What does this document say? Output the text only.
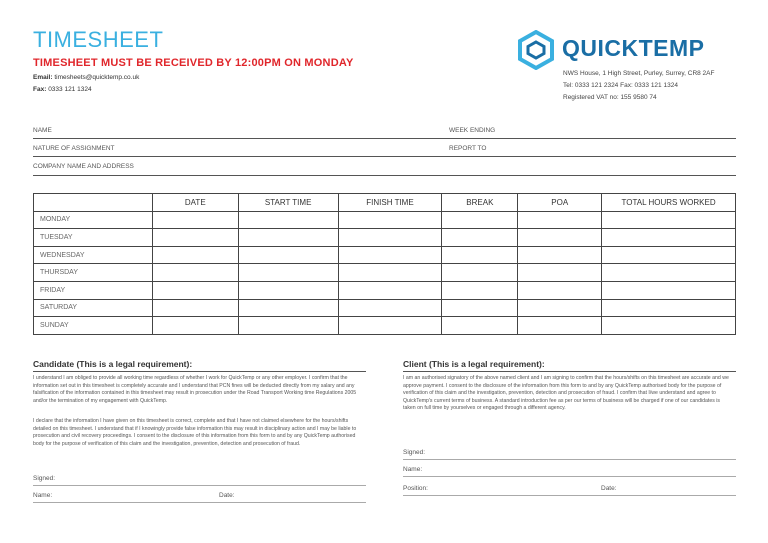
TIMESHEET
TIMESHEET MUST BE RECEIVED BY 12:00PM ON MONDAY
Email: timesheets@quicktemp.co.uk
Fax: 0333 121 1324
QUICKTEMP
NWS House, 1 High Street, Purley, Surrey, CR8 2AF
Tel: 0333 121 2324 Fax: 0333 121 1324
Registered VAT no: 155 9580 74
NAME	WEEK ENDING
NATURE OF ASSIGNMENT	REPORT TO
COMPANY NAME AND ADDRESS
	DATE	START TIME	FINISH TIME	BREAK	POA	TOTAL HOURS WORKED
MONDAY						
TUESDAY						
WEDNESDAY						
THURSDAY						
FRIDAY						
SATURDAY						
SUNDAY						
Candidate (This is a legal requirement):
I understand I am obliged to provide all working time regardless of whether I work for QuickTemp or any other employer. I confirm that the information set out in this timesheet is completely accurate and I understand that PCN fines will be deducted directly from my salary and any falsification of the information contained in this timesheet may result in prosecution under the Road Transport Working time Regulations 2005 and/or the termination of my engagement with QuickTemp.
I declare that the information I have given on this timesheet is correct, complete and that I have not claimed elsewhere for the hours/shifts detailed on this timesheet. I understand that if I knowingly provide false information this may result in disciplinary action and I may be liable to prosecution and civil recovery proceedings. I consent to the disclosure of this information from this form to and by any QuickTemp authorised body for the purpose of verification of this claim and the investigation, prevention, detection and prosecution of fraud.
Signed:
Name:	Date:
Client (This is a legal requirement):
I am an authorised signatory of the above named client and I am signing to confirm that the hours/shifts on this timesheet are accurate and we approve payment. I consent to the disclosure of the information from this form to and by any QuickTemp authorised body for the purpose of verification of this claim and the investigation, prevention, detection and prosecution of fraud. I confirm that I/we understand and agree to QuickTemp's current terms of business. A standard introduction fee as per our terms of business will be charged if one of our candidates is taken on full time by yourselves or engaged through a different agency.
Signed:
Name:
Position:	Date:
